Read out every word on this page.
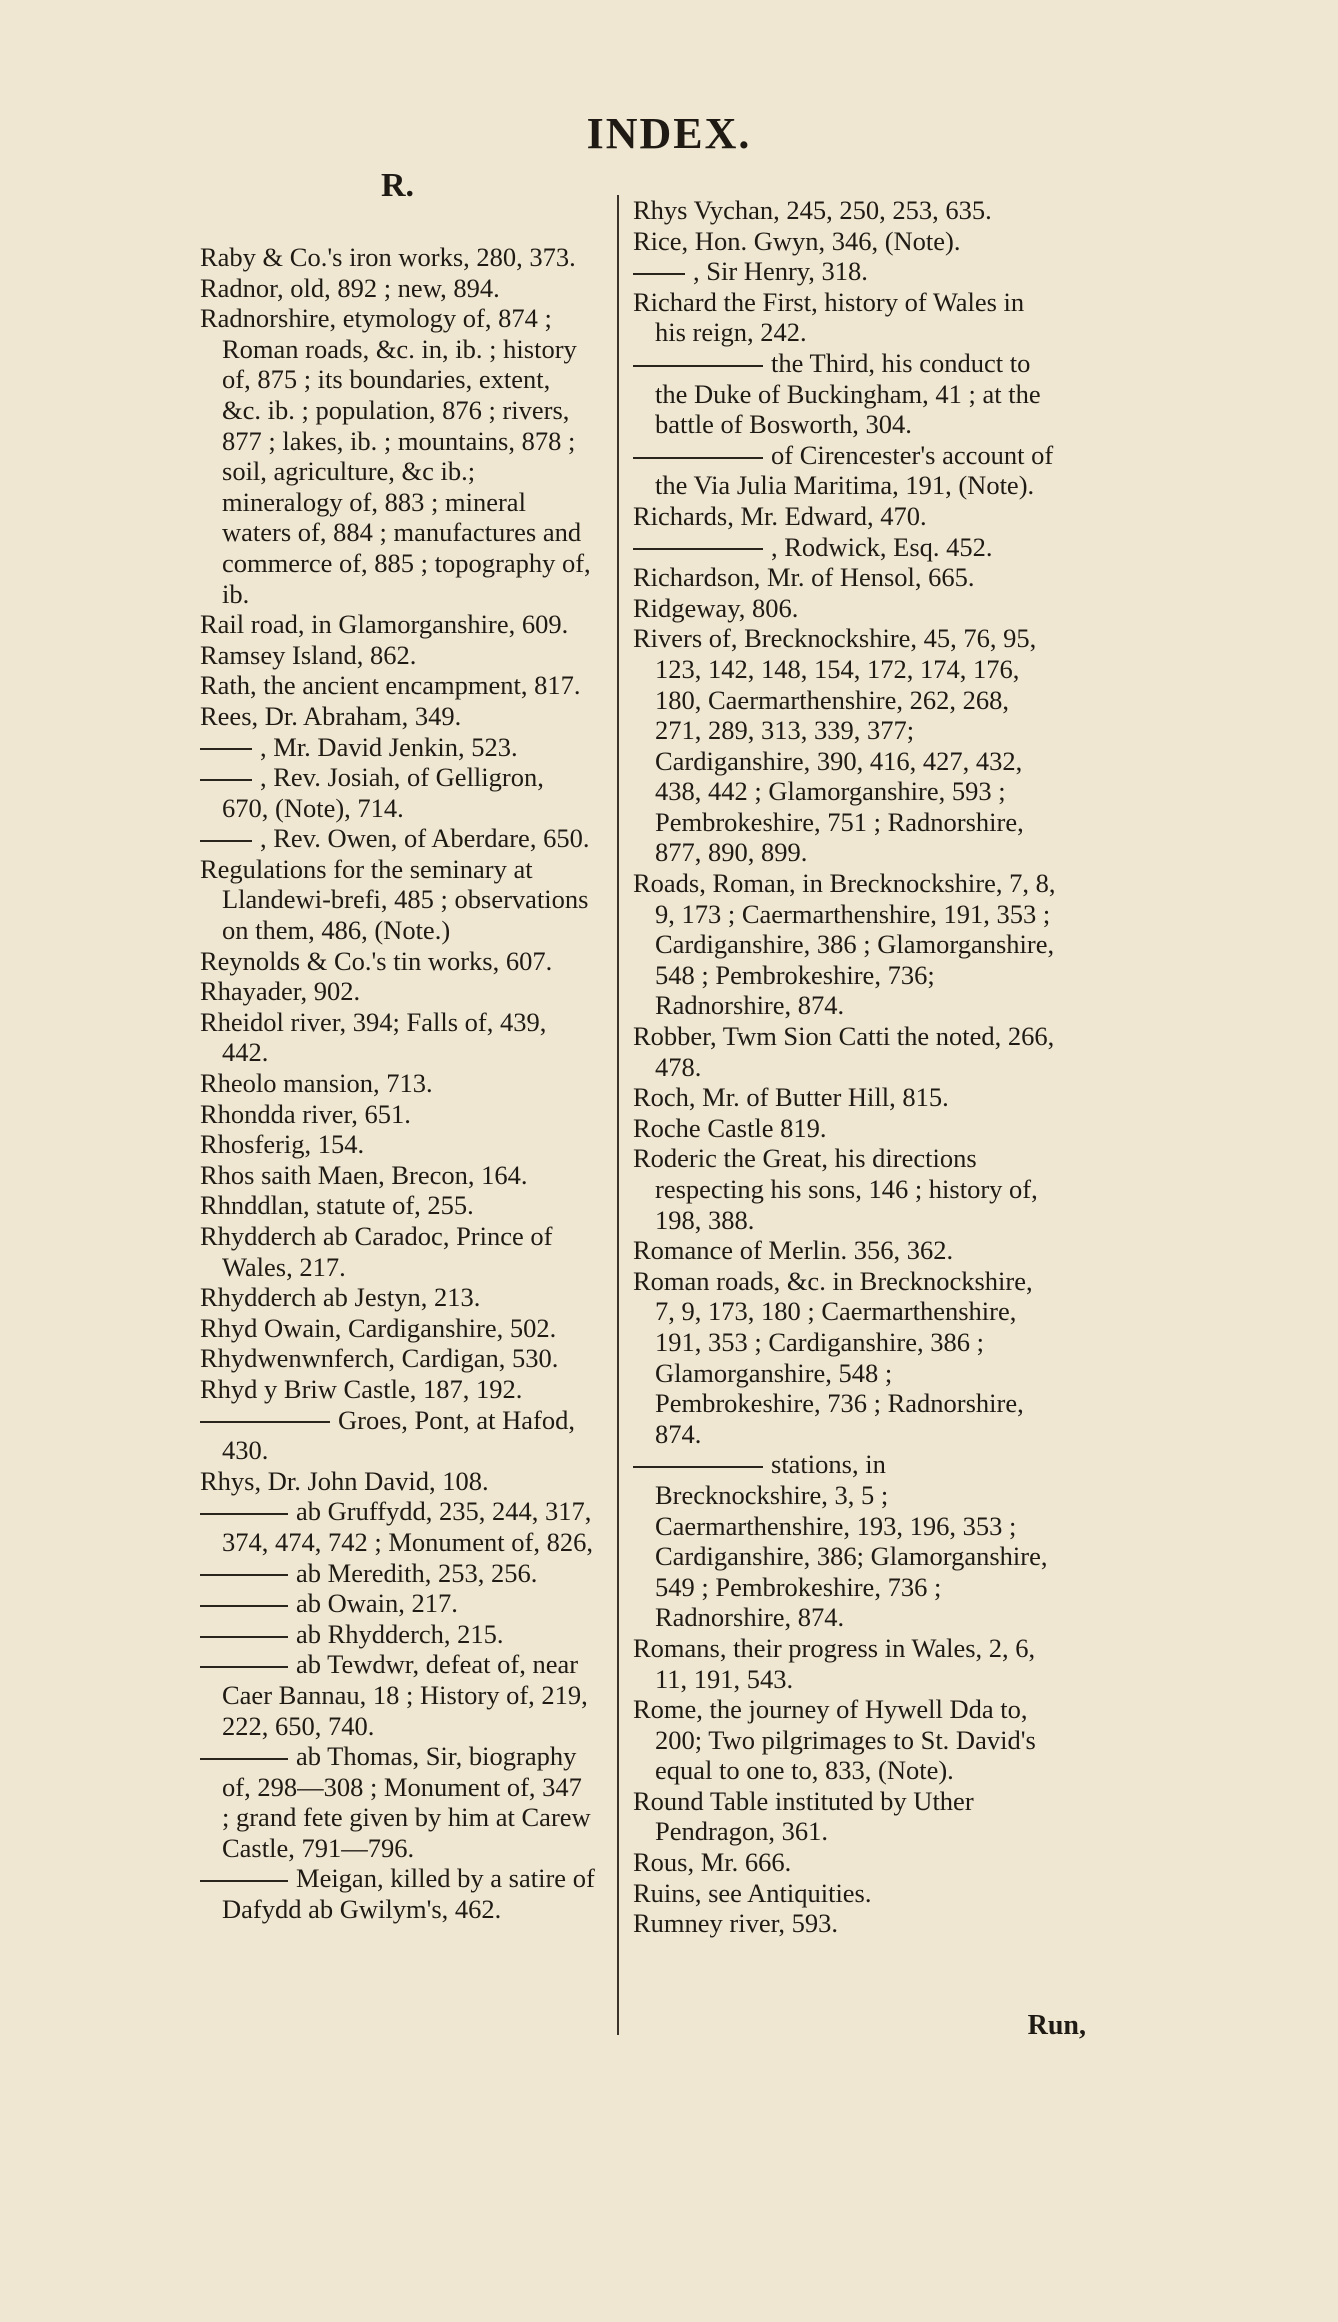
INDEX.
R.

Raby & Co.'s iron works, 280, 373.

Radnor, old, 892 ; new, 894.

Radnorshire, etymology of, 874 ; Roman roads, &c. in, ib. ; history of, 875 ; its boundaries, extent, &c. ib. ; population, 876 ; rivers, 877 ; lakes, ib. ; mountains, 878 ; soil, agriculture, &c ib.; mineralogy of, 883 ; mineral waters of, 884 ; manufactures and commerce of, 885 ; topography of, ib.

Rail road, in Glamorganshire, 609.

Ramsey Island, 862.

Rath, the ancient encampment, 817.

Rees, Dr. Abraham, 349.

, Mr. David Jenkin, 523.

, Rev. Josiah, of Gelligron, 670, (Note), 714.

, Rev. Owen, of Aberdare, 650.

Regulations for the seminary at Llandewi-brefi, 485 ; observations on them, 486, (Note.)

Reynolds & Co.'s tin works, 607.

Rhayader, 902.

Rheidol river, 394; Falls of, 439, 442.

Rheolo mansion, 713.

Rhondda river, 651.

Rhosferig, 154.

Rhos saith Maen, Brecon, 164.

Rhnddlan, statute of, 255.

Rhydderch ab Caradoc, Prince of Wales, 217.

Rhydderch ab Jestyn, 213.

Rhyd Owain, Cardiganshire, 502.

Rhydwenwnferch, Cardigan, 530.

Rhyd y Briw Castle, 187, 192.

Groes, Pont, at Hafod, 430.

Rhys, Dr. John David, 108.

ab Gruffydd, 235, 244, 317, 374, 474, 742 ; Monument of, 826,

ab Meredith, 253, 256.

ab Owain, 217.

ab Rhydderch, 215.

ab Tewdwr, defeat of, near Caer Bannau, 18 ; History of, 219, 222, 650, 740.

ab Thomas, Sir, biography of, 298—308 ; Monument of, 347 ; grand fete given by him at Carew Castle, 791—796.

Meigan, killed by a satire of Dafydd ab Gwilym's, 462.

Rhys Vychan, 245, 250, 253, 635.

Rice, Hon. Gwyn, 346, (Note).

, Sir Henry, 318.

Richard the First, history of Wales in his reign, 242.

the Third, his conduct to the Duke of Buckingham, 41 ; at the battle of Bosworth, 304.

of Cirencester's account of the Via Julia Maritima, 191, (Note).

Richards, Mr. Edward, 470.

, Rodwick, Esq. 452.

Richardson, Mr. of Hensol, 665.

Ridgeway, 806.

Rivers of, Brecknockshire, 45, 76, 95, 123, 142, 148, 154, 172, 174, 176, 180, Caermarthenshire, 262, 268, 271, 289, 313, 339, 377; Cardiganshire, 390, 416, 427, 432, 438, 442 ; Glamorganshire, 593 ; Pembrokeshire, 751 ; Radnorshire, 877, 890, 899.

Roads, Roman, in Brecknockshire, 7, 8, 9, 173 ; Caermarthenshire, 191, 353 ; Cardiganshire, 386 ; Glamorganshire, 548 ; Pembrokeshire, 736; Radnorshire, 874.

Robber, Twm Sion Catti the noted, 266, 478.

Roch, Mr. of Butter Hill, 815.

Roche Castle 819.

Roderic the Great, his directions respecting his sons, 146 ; history of, 198, 388.

Romance of Merlin. 356, 362.

Roman roads, &c. in Brecknockshire, 7, 9, 173, 180 ; Caermarthenshire, 191, 353 ; Cardiganshire, 386 ; Glamorganshire, 548 ; Pembrokeshire, 736 ; Radnorshire, 874.

stations, in Brecknockshire, 3, 5 ; Caermarthenshire, 193, 196, 353 ; Cardiganshire, 386; Glamorganshire, 549 ; Pembrokeshire, 736 ; Radnorshire, 874.

Romans, their progress in Wales, 2, 6, 11, 191, 543.

Rome, the journey of Hywell Dda to, 200; Two pilgrimages to St. David's equal to one to, 833, (Note).

Round Table instituted by Uther Pendragon, 361.

Rous, Mr. 666.

Ruins, see Antiquities.

Rumney river, 593.

Run,
